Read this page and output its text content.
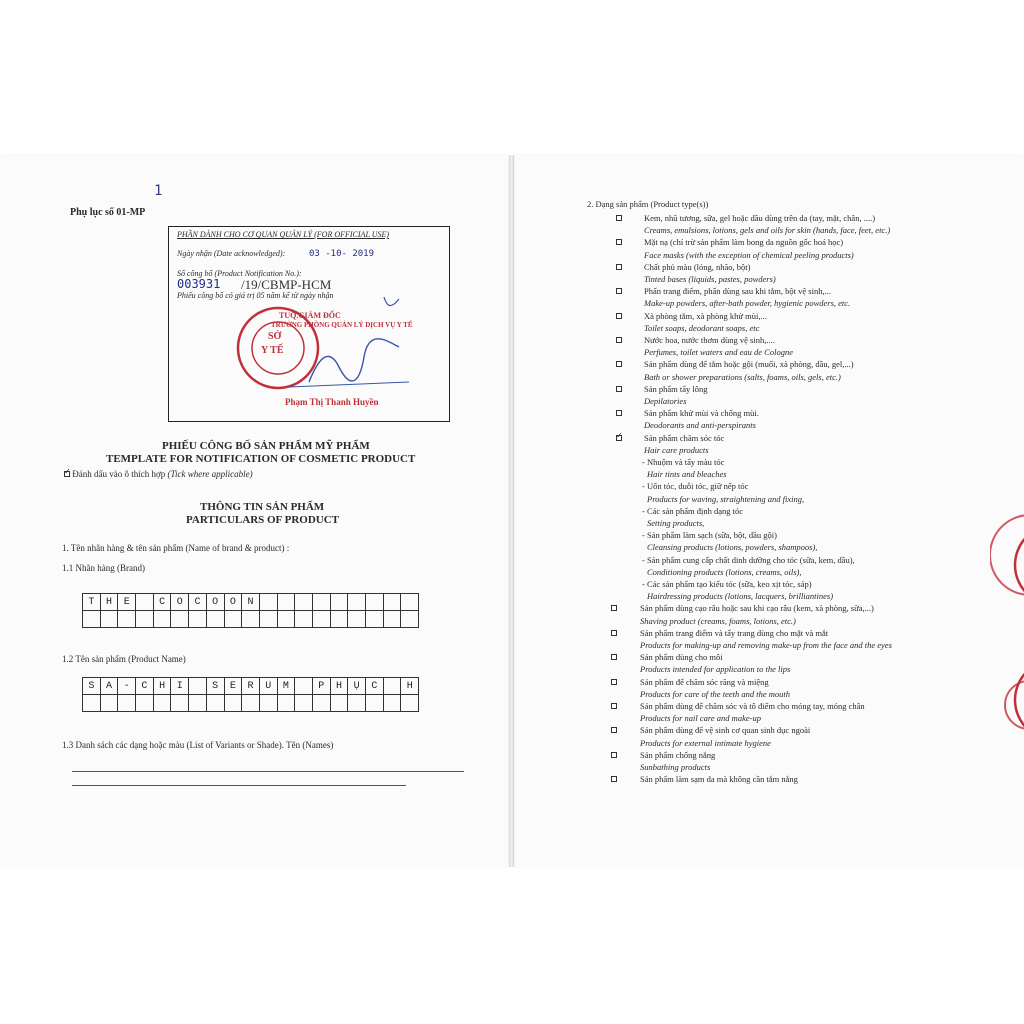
Phụ lục số 01-MP
1
PHẦN DÀNH CHO CƠ QUAN QUẢN LÝ (FOR OFFICIAL USE)
Ngày nhận (Date acknowledged):	03 -10- 2019
Số công bố (Product Notification No.):
003931 /19/CBMP-HCM
Phiếu công bố có giá trị 05 năm kể từ ngày nhận
SỞ
Y TẾ
TUQ.GIÁM ĐỐC
TRƯỞNG PHÒNG QUẢN LÝ DỊCH VỤ Y TẾ
Phạm Thị Thanh Huyền
PHIẾU CÔNG BỐ SẢN PHẨM MỸ PHẨM
TEMPLATE FOR NOTIFICATION OF COSMETIC PRODUCT
✓ Đánh dấu vào ô thích hợp (Tick where applicable)
THÔNG TIN SẢN PHẨM
PARTICULARS OF PRODUCT
1. Tên nhãn hàng & tên sản phẩm (Name of brand & product) :
1.1 Nhãn hàng (Brand)
T	H	E	C	O	C	O	O	N
1.2 Tên sản phẩm (Product Name)
S	A	-	C	H	I	S	E	R	U	M	P	H	Ụ	C	H
1.3 Danh sách các dạng hoặc màu (List of Variants or Shade). Tên (Names)
2. Dạng sản phẩm (Product type(s))
Kem, nhũ tương, sữa, gel hoặc dầu dùng trên da (tay, mặt, chân, ....)
Creams, emulsions, lotions, gels and oils for skin (hands, face, feet, etc.)
Mặt nạ (chỉ trừ sản phẩm làm bong da nguồn gốc hoá học)
Face masks (with the exception of chemical peeling products)
Chất phủ màu (lỏng, nhão, bột)
Tinted bases (liquids, pastes, powders)
Phấn trang điểm, phấn dùng sau khi tắm, bột vệ sinh,...
Make-up powders, after-bath powder, hygienic powders, etc.
Xà phòng tắm, xà phòng khử mùi,...
Toilet soaps, deodorant soaps, etc
Nước hoa, nước thơm dùng vệ sinh,....
Perfumes, toilet waters and eau de Cologne
Sản phẩm dùng để tắm hoặc gội (muối, xà phòng, dầu, gel,...)
Bath or shower preparations (salts, foams, oils, gels, etc.)
Sản phẩm tẩy lông
Depilatories
Sản phẩm khử mùi và chống mùi.
Deodorants and anti-perspirants
✓
Sản phẩm chăm sóc tóc
Hair care products
- Nhuộm và tẩy màu tóc
Hair tints and bleaches
- Uốn tóc, duỗi tóc, giữ nếp tóc
Products for waving, straightening and fixing,
- Các sản phẩm định dạng tóc
Setting products,
- Sản phẩm làm sạch (sữa, bột, dầu gội)
Cleansing products (lotions, powders, shampoos),
- Sản phẩm cung cấp chất dinh dưỡng cho tóc (sữa, kem, dầu),
Conditioning products (lotions, creams, oils),
- Các sản phẩm tạo kiểu tóc (sữa, keo xịt tóc, sáp)
Hairdressing products (lotions, lacquers, brilliantines)
Sản phẩm dùng cạo râu hoặc sau khi cạo râu (kem, xà phòng, sữa,...)
Shaving product (creams, foams, lotions, etc.)
Sản phẩm trang điểm và tẩy trang dùng cho mặt và mắt
Products for making-up and removing make-up from the face and the eyes
Sản phẩm dùng cho môi
Products intended for application to the lips
Sản phẩm để chăm sóc răng và miệng
Products for care of the teeth and the mouth
Sản phẩm dùng để chăm sóc và tô điểm cho móng tay, móng chân
Products for nail care and make-up
Sản phẩm dùng để vệ sinh cơ quan sinh dục ngoài
Products for external intimate hygiene
Sản phẩm chống nắng
Sunbathing products
Sản phẩm làm sạm da mà không cần tắm nắng
